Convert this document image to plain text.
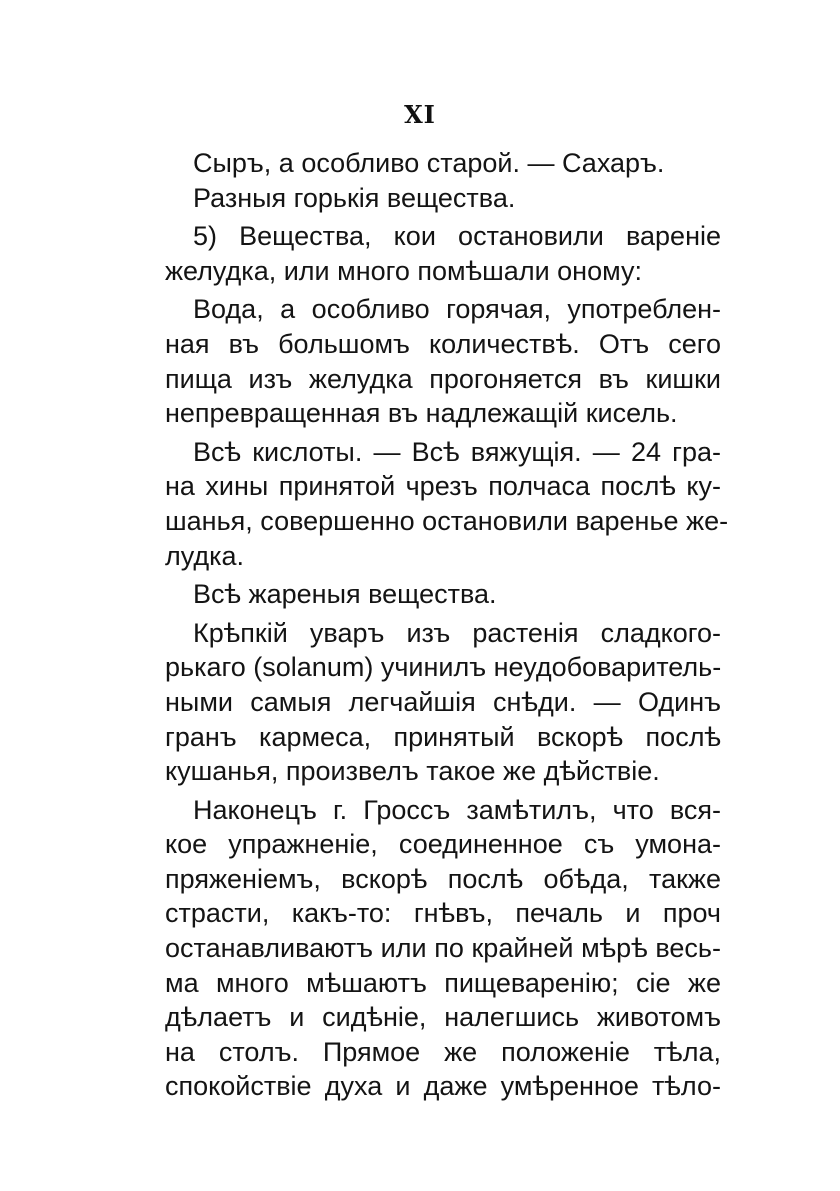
XI
Сыръ, а особливо старой. — Сахаръ.
Разныя горькія вещества.
5) Вещества, кои остановили вареніе
желудка, или много помѣшали оному:
Вода, а особливо горячая, употреблен-
ная въ большомъ количествѣ. Отъ сего
пища изъ желудка прогоняется въ кишки
непревращенная въ надлежащій кисель.
Всѣ кислоты. — Всѣ вяжущія. — 24 гра-
на хины принятой чрезъ полчаса послѣ ку-
шанья, совершенно остановили варенье же-
лудка.
Всѣ жареныя вещества.
Крѣпкій уваръ изъ растенія сладкого-
рькаго (solanum) учинилъ неудобоваритель-
ными самыя легчайшія снѣди. — Одинъ
гранъ кармеса, принятый вскорѣ послѣ
кушанья, произвелъ такое же дѣйствіе.
Наконецъ г. Гроссъ замѣтилъ, что вся-
кое упражненіе, соединенное съ умона-
пряженіемъ, вскорѣ послѣ обѣда, также
страсти, какъ-то: гнѣвъ, печаль и проч
останавливаютъ или по крайней мѣрѣ весь-
ма много мѣшаютъ пищеваренію; сіе же
дѣлаетъ и сидѣніе, налегшись животомъ
на столъ. Прямое же положеніе тѣла,
спокойствіе духа и даже умѣренное тѣло-
